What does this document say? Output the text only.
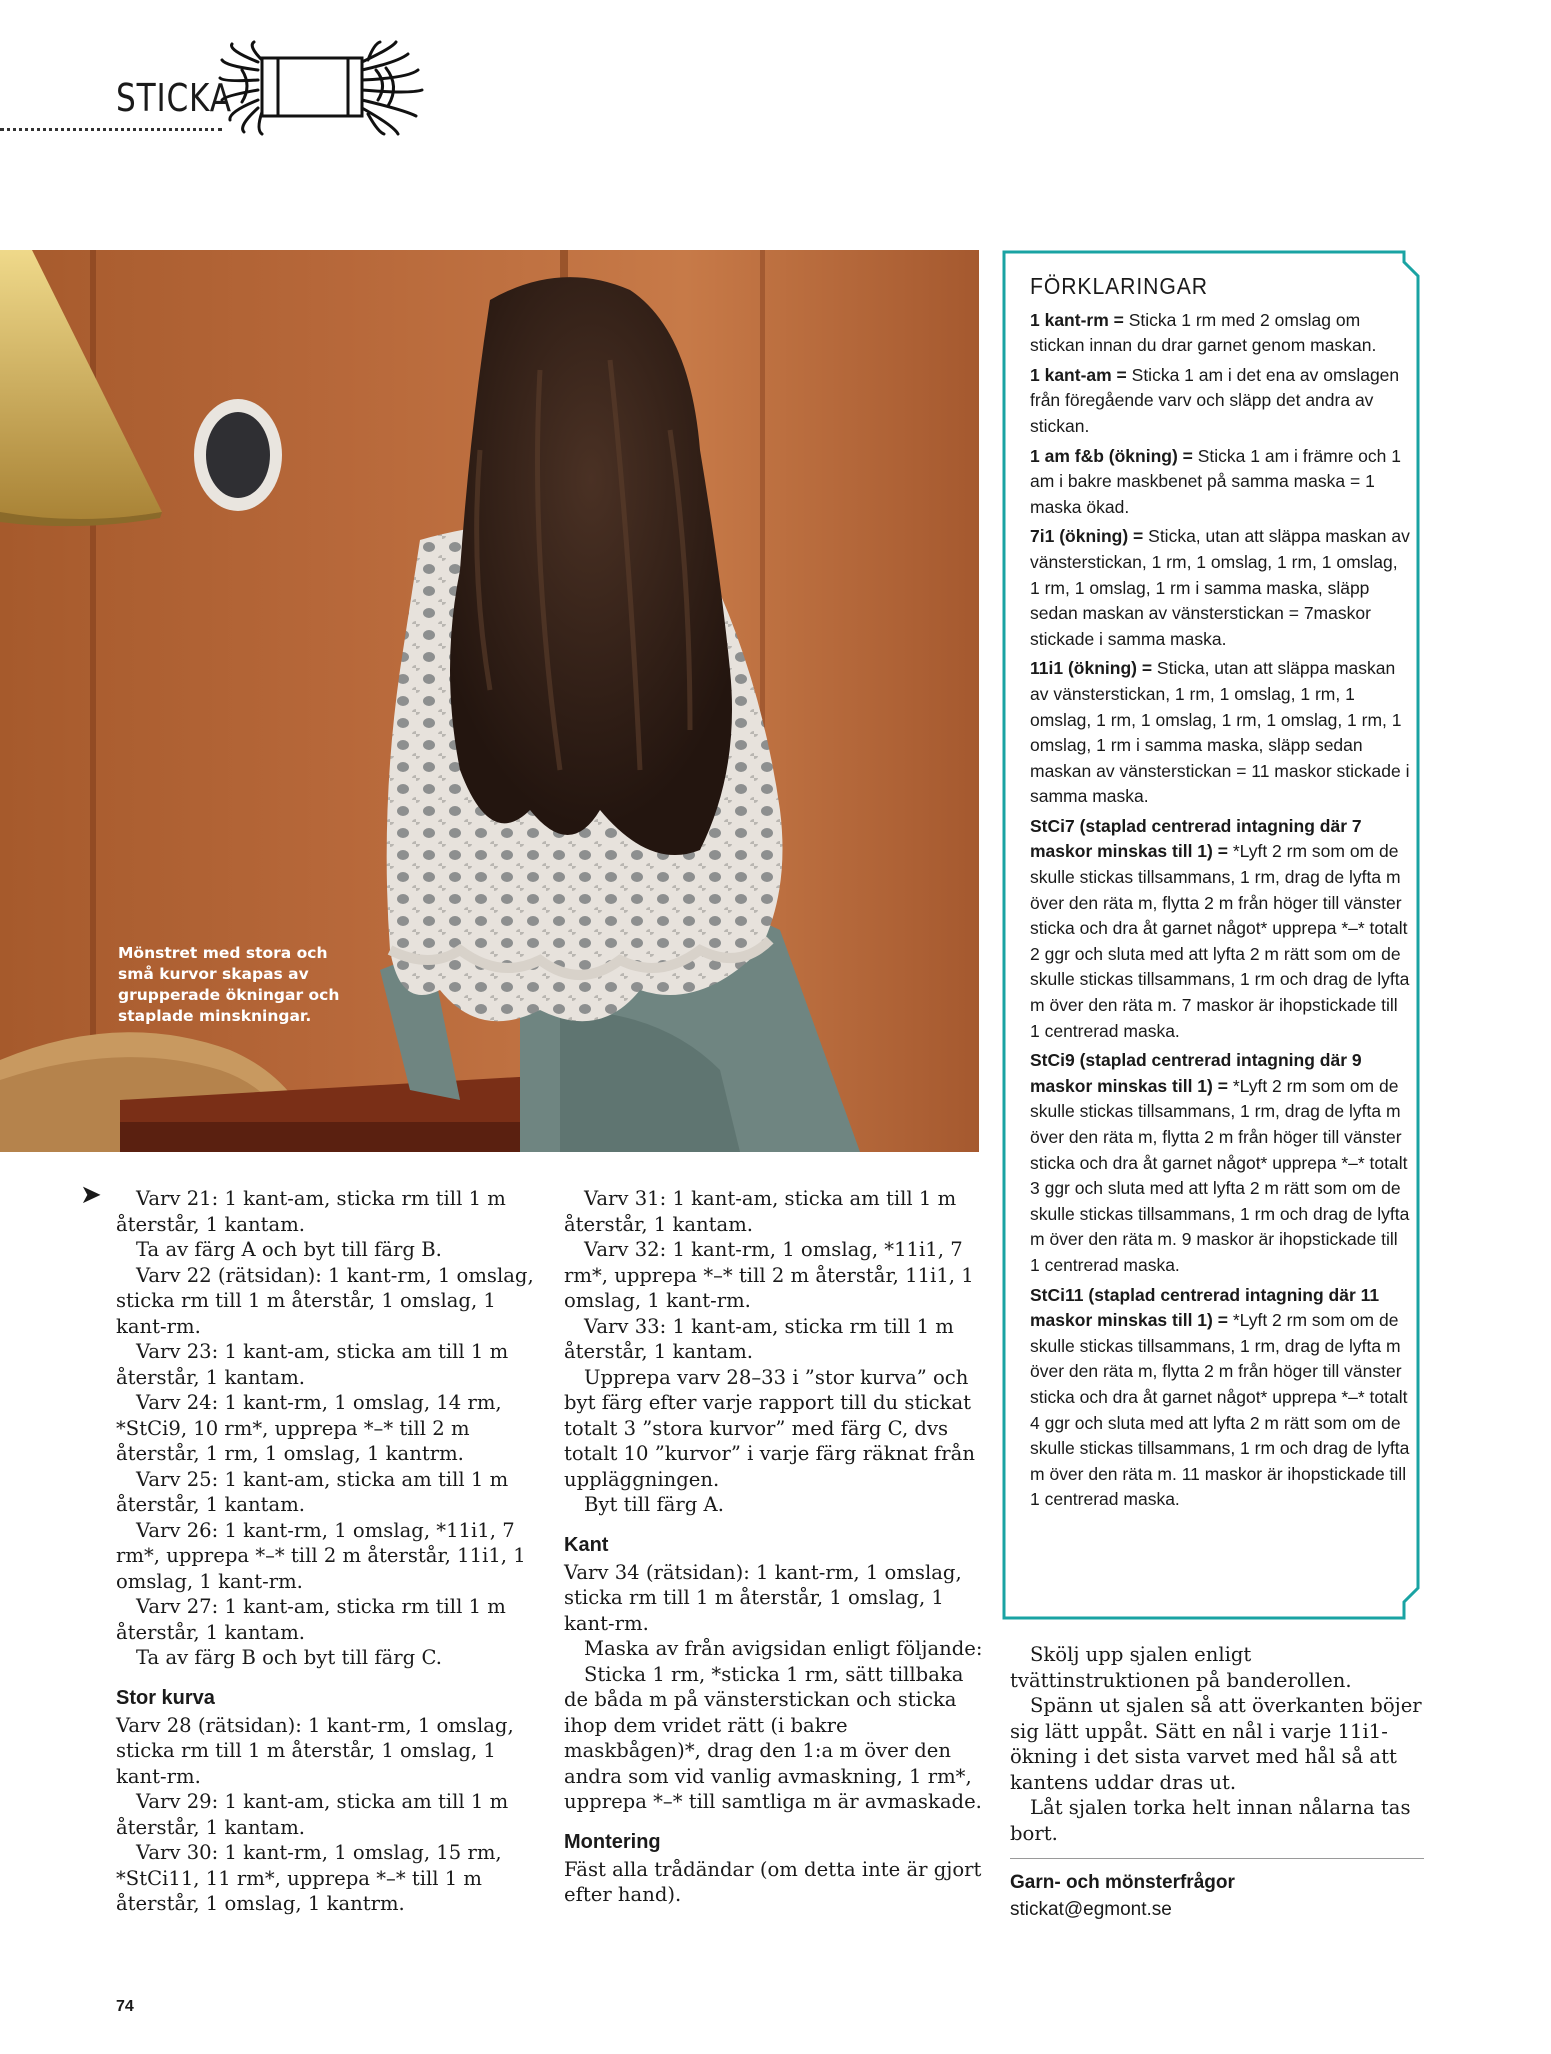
STICKA
Mönstret med stora och små kurvor skapas av grupperade ökningar och staplade minskningar.
FÖRKLARINGAR

1 kant-rm = Sticka 1 rm med 2 omslag om stickan innan du drar garnet genom maskan.

1 kant-am = Sticka 1 am i det ena av omslagen från föregående varv och släpp det andra av stickan.

1 am f&b (ökning) = Sticka 1 am i främre och 1 am i bakre maskbenet på samma maska = 1 maska ökad.

7i1 (ökning) = Sticka, utan att släppa maskan av vänsterstickan, 1 rm, 1 omslag, 1 rm, 1 omslag, 1 rm, 1 omslag, 1 rm i samma maska, släpp sedan maskan av vänsterstickan = 7maskor stickade i samma maska.

11i1 (ökning) = Sticka, utan att släppa maskan av vänsterstickan, 1 rm, 1 omslag, 1 rm, 1 omslag, 1 rm, 1 omslag, 1 rm, 1 omslag, 1 rm, 1 omslag, 1 rm i samma maska, släpp sedan maskan av vänsterstickan = 11 maskor stickade i samma maska.

StCi7 (staplad centrerad intagning där 7 maskor minskas till 1) = *Lyft 2 rm som om de skulle stickas tillsammans, 1 rm, drag de lyfta m över den räta m, flytta 2 m från höger till vänster sticka och dra åt garnet något* upprepa *–* totalt 2 ggr och sluta med att lyfta 2 m rätt som om de skulle stickas tillsammans, 1 rm och drag de lyfta m över den räta m. 7 maskor är ihopstickade till 1 centrerad maska.

StCi9 (staplad centrerad intagning där 9 maskor minskas till 1) = *Lyft 2 rm som om de skulle stickas tillsammans, 1 rm, drag de lyfta m över den räta m, flytta 2 m från höger till vänster sticka och dra åt garnet något* upprepa *–* totalt 3 ggr och sluta med att lyfta 2 m rätt som om de skulle stickas tillsammans, 1 rm och drag de lyfta m över den räta m. 9 maskor är ihopstickade till 1 centrerad maska.

StCi11 (staplad centrerad intagning där 11 maskor minskas till 1) = *Lyft 2 rm som om de skulle stickas tillsammans, 1 rm, drag de lyfta m över den räta m, flytta 2 m från höger till vänster sticka och dra åt garnet något* upprepa *–* totalt 4 ggr och sluta med att lyfta 2 m rätt som om de skulle stickas tillsammans, 1 rm och drag de lyfta m över den räta m. 11 maskor är ihopstickade till 1 centrerad maska.

➤	Varv 21: 1 kant-am, sticka rm till 1 m återstår, 1 kantam.

Ta av färg A och byt till färg B.

Varv 22 (rätsidan): 1 kant-rm, 1 omslag, sticka rm till 1 m återstår, 1 omslag, 1 kant-rm.

Varv 23: 1 kant-am, sticka am till 1 m återstår, 1 kantam.

Varv 24: 1 kant-rm, 1 omslag, 14 rm, *StCi9, 10 rm*, upprepa *–* till 2 m återstår, 1 rm, 1 omslag, 1 kantrm.

Varv 25: 1 kant-am, sticka am till 1 m återstår, 1 kantam.

Varv 26: 1 kant-rm, 1 omslag, *11i1, 7 rm*, upprepa *–* till 2 m återstår, 11i1, 1 omslag, 1 kant-rm.

Varv 27: 1 kant-am, sticka rm till 1 m återstår, 1 kantam.

Ta av färg B och byt till färg C.

Stor kurva

Varv 28 (rätsidan): 1 kant-rm, 1 omslag, sticka rm till 1 m återstår, 1 omslag, 1 kant-rm.

Varv 29: 1 kant-am, sticka am till 1 m återstår, 1 kantam.

Varv 30: 1 kant-rm, 1 omslag, 15 rm, *StCi11, 11 rm*, upprepa *–* till 1 m återstår, 1 omslag, 1 kantrm.

Varv 31: 1 kant-am, sticka am till 1 m återstår, 1 kantam.

Varv 32: 1 kant-rm, 1 omslag, *11i1, 7 rm*, upprepa *–* till 2 m återstår, 11i1, 1 omslag, 1 kant-rm.

Varv 33: 1 kant-am, sticka rm till 1 m återstår, 1 kantam.

Upprepa varv 28–33 i ”stor kurva” och byt färg efter varje rapport till du stickat totalt 3 ”stora kurvor” med färg C, dvs totalt 10 ”kurvor” i varje färg räknat från uppläggningen.

Byt till färg A.

Kant

Varv 34 (rätsidan): 1 kant-rm, 1 omslag, sticka rm till 1 m återstår, 1 omslag, 1 kant-rm.

Maska av från avigsidan enligt följande:

Sticka 1 rm, *sticka 1 rm, sätt tillbaka de båda m på vänsterstickan och sticka ihop dem vridet rätt (i bakre maskbågen)*, drag den 1:a m över den andra som vid vanlig avmaskning, 1 rm*, upprepa *–* till samtliga m är avmaskade.

Montering

Fäst alla trådändar (om detta inte är gjort efter hand).

Skölj upp sjalen enligt tvättinstruktionen på banderollen.

Spänn ut sjalen så att överkanten böjer sig lätt uppåt. Sätt en nål i varje 11i1-ökning i det sista varvet med hål så att kantens uddar dras ut.

Låt sjalen torka helt innan nålarna tas bort.

Garn- och mönsterfrågor
stickat@egmont.se
74
